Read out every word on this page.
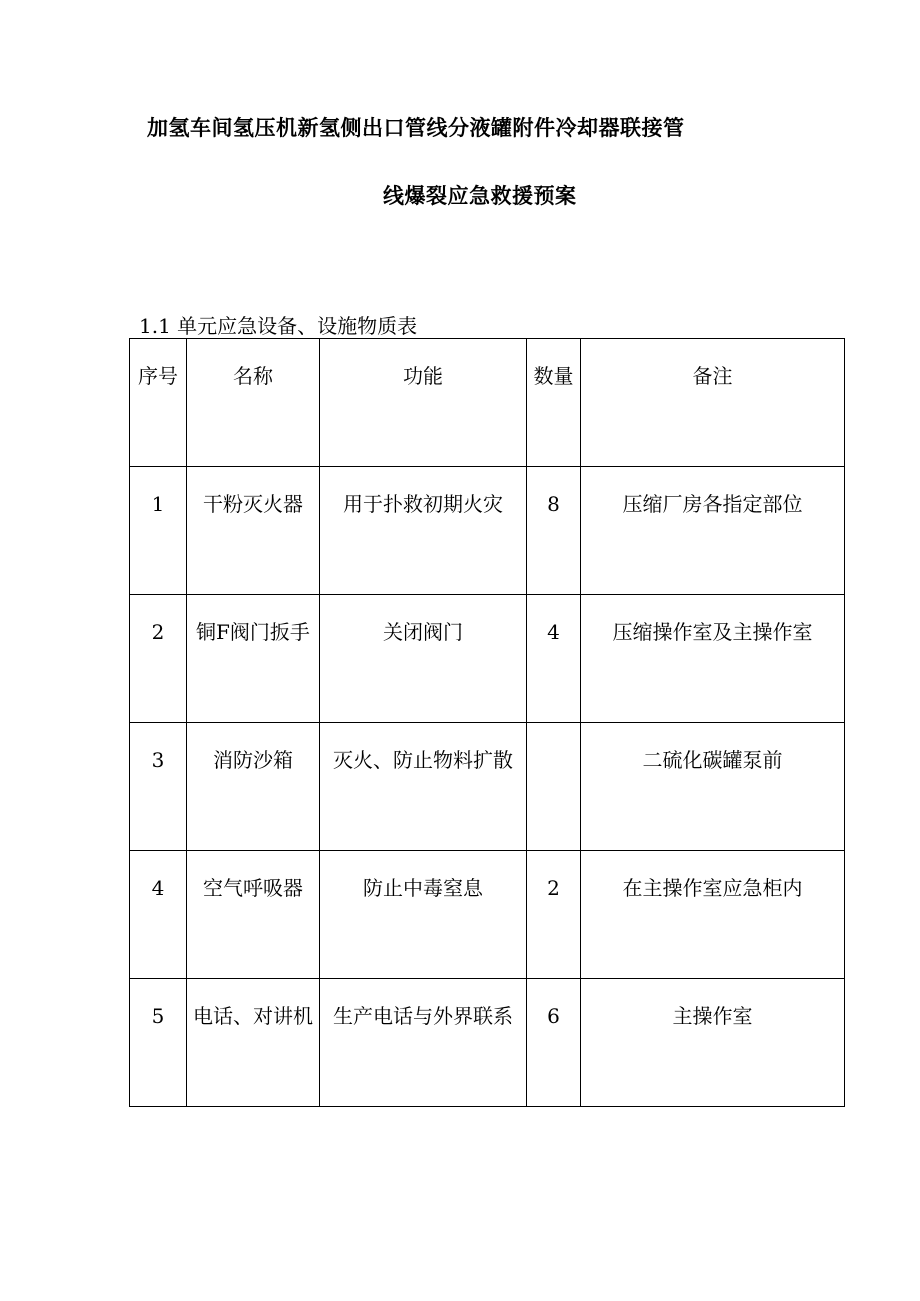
加氢车间氢压机新氢侧出口管线分液罐附件冷却器联接管
线爆裂应急救援预案
1.1 单元应急设备、设施物质表
序号	名称	功能	数量	备注
1	干粉灭火器	用于扑救初期火灾	8	压缩厂房各指定部位
2	铜F阀门扳手	关闭阀门	4	压缩操作室及主操作室
3	消防沙箱	灭火、防止物料扩散		二硫化碳罐泵前
4	空气呼吸器	防止中毒窒息	2	在主操作室应急柜内
5	电话、对讲机	生产电话与外界联系	6	主操作室
